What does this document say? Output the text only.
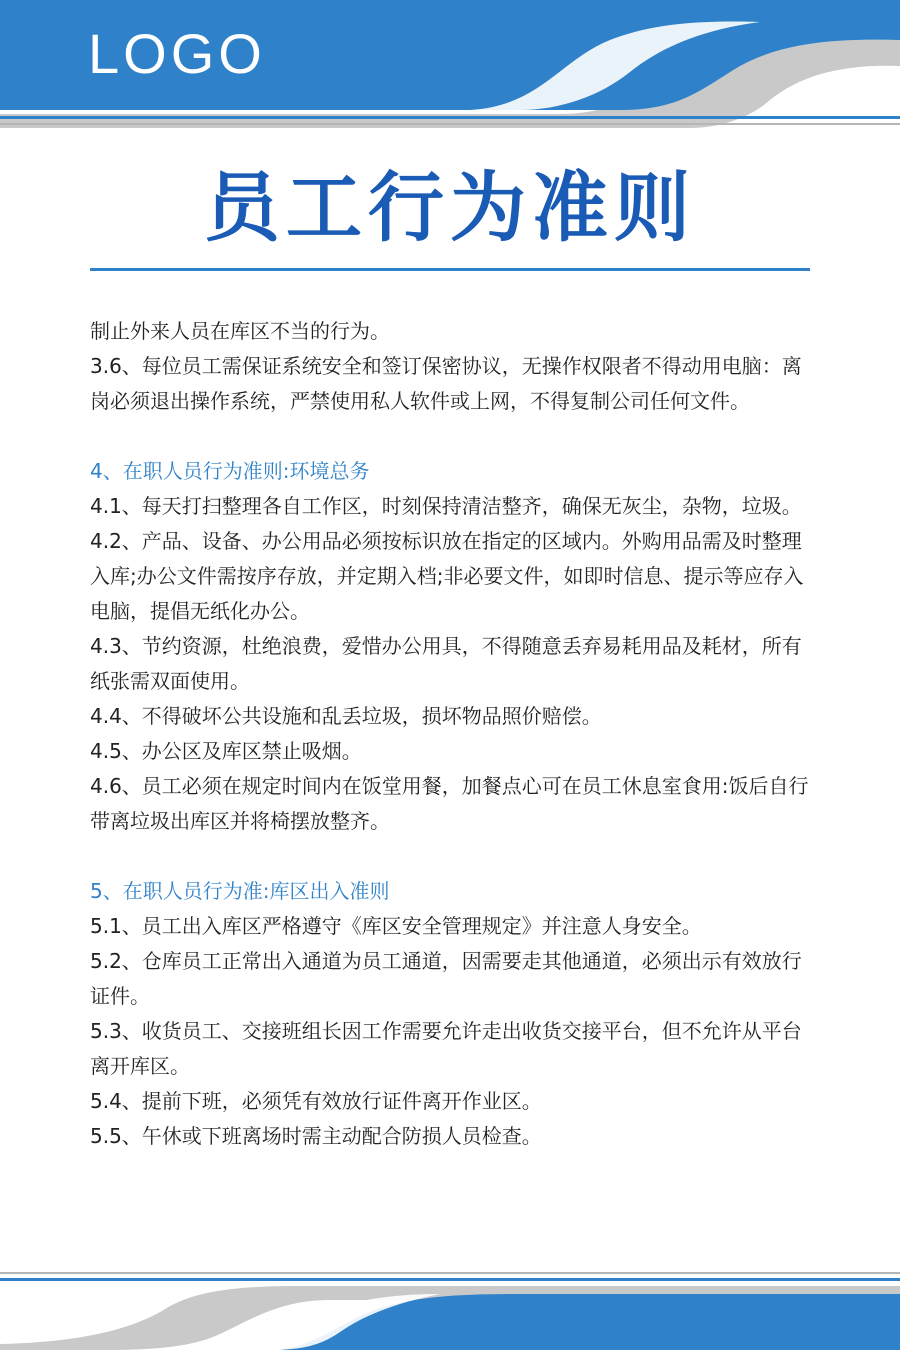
LOGO
员工行为准则

制止外来人员在库区不当的行为。

3.6、每位员工需保证系统安全和签订保密协议，无操作权限者不得动用电脑：离岗必须退出操作系统，严禁使用私人软件或上网，不得复制公司任何文件。

4、在职人员行为准则:环境总务

4.1、每天打扫整理各自工作区，时刻保持清洁整齐，确保无灰尘，杂物，垃圾。

4.2、产品、设备、办公用品必须按标识放在指定的区域内。外购用品需及时整理入库;办公文件需按序存放，并定期入档;非必要文件，如即时信息、提示等应存入电脑，提倡无纸化办公。

4.3、节约资源，杜绝浪费，爱惜办公用具，不得随意丢弃易耗用品及耗材，所有纸张需双面使用。

4.4、不得破坏公共设施和乱丢垃圾，损坏物品照价赔偿。

4.5、办公区及库区禁止吸烟。

4.6、员工必须在规定时间内在饭堂用餐，加餐点心可在员工休息室食用:饭后自行带离垃圾出库区并将椅摆放整齐。

5、在职人员行为准:库区出入准则

5.1、员工出入库区严格遵守《库区安全管理规定》并注意人身安全。

5.2、仓库员工正常出入通道为员工通道，因需要走其他通道，必须出示有效放行证件。

5.3、收货员工、交接班组长因工作需要允许走出收货交接平台，但不允许从平台离开库区。

5.4、提前下班，必须凭有效放行证件离开作业区。

5.5、午休或下班离场时需主动配合防损人员检查。
